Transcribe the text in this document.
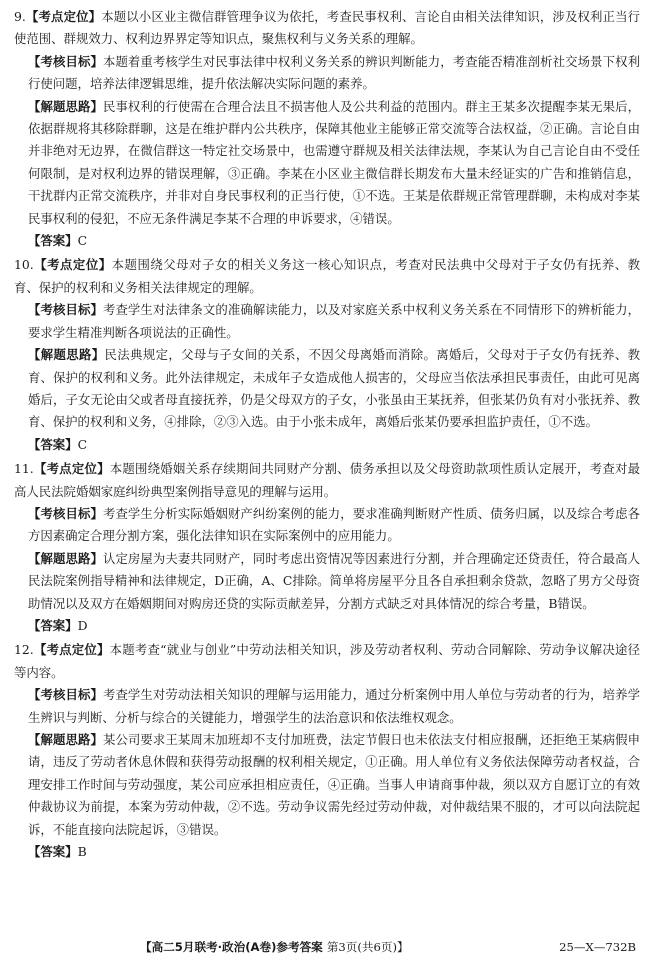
9.【考点定位】本题以小区业主微信群管理争议为依托，考查民事权利、言论自由相关法律知识，涉及权利正当行使范围、群规效力、权利边界界定等知识点，聚焦权利与义务关系的理解。

【考核目标】本题着重考核学生对民事法律中权利义务关系的辨识判断能力，考查能否精准剖析社交场景下权利行使问题，培养法律逻辑思维，提升依法解决实际问题的素养。

【解题思路】民事权利的行使需在合理合法且不损害他人及公共利益的范围内。群主王某多次提醒李某无果后，依据群规将其移除群聊，这是在维护群内公共秩序，保障其他业主能够正常交流等合法权益，②正确。言论自由并非绝对无边界，在微信群这一特定社交场景中，也需遵守群规及相关法律法规，李某认为自己言论自由不受任何限制，是对权利边界的错误理解，③正确。李某在小区业主微信群长期发布大量未经证实的广告和推销信息，干扰群内正常交流秩序，并非对自身民事权利的正当行使，①不选。王某是依群规正常管理群聊，未构成对李某民事权利的侵犯，不应无条件满足李某不合理的申诉要求，④错误。

【答案】C

10.【考点定位】本题围绕父母对子女的相关义务这一核心知识点，考查对民法典中父母对于子女仍有抚养、教育、保护的权利和义务相关法律规定的理解。

【考核目标】考查学生对法律条文的准确解读能力，以及对家庭关系中权利义务关系在不同情形下的辨析能力，要求学生精准判断各项说法的正确性。

【解题思路】民法典规定，父母与子女间的关系，不因父母离婚而消除。离婚后，父母对于子女仍有抚养、教育、保护的权利和义务。此外法律规定，未成年子女造成他人损害的，父母应当依法承担民事责任，由此可见离婚后，子女无论由父或者母直接抚养，仍是父母双方的子女，小张虽由王某抚养，但张某仍负有对小张抚养、教育、保护的权利和义务，④排除，②③入选。由于小张未成年，离婚后张某仍要承担监护责任，①不选。

【答案】C

11.【考点定位】本题围绕婚姻关系存续期间共同财产分割、债务承担以及父母资助款项性质认定展开，考查对最高人民法院婚姻家庭纠纷典型案例指导意见的理解与运用。

【考核目标】考查学生分析实际婚姻财产纠纷案例的能力，要求准确判断财产性质、债务归属，以及综合考虑各方因素确定合理分割方案，强化法律知识在实际案例中的应用能力。

【解题思路】认定房屋为夫妻共同财产，同时考虑出资情况等因素进行分割，并合理确定还贷责任，符合最高人民法院案例指导精神和法律规定，D正确，A、C排除。简单将房屋平分且各自承担剩余贷款，忽略了男方父母资助情况以及双方在婚姻期间对购房还贷的实际贡献差异，分割方式缺乏对具体情况的综合考量，B错误。

【答案】D

12.【考点定位】本题考查“就业与创业”中劳动法相关知识，涉及劳动者权利、劳动合同解除、劳动争议解决途径等内容。

【考核目标】考查学生对劳动法相关知识的理解与运用能力，通过分析案例中用人单位与劳动者的行为，培养学生辨识与判断、分析与综合的关键能力，增强学生的法治意识和依法维权观念。

【解题思路】某公司要求王某周末加班却不支付加班费，法定节假日也未依法支付相应报酬，还拒绝王某病假申请，违反了劳动者休息休假和获得劳动报酬的权利相关规定，①正确。用人单位有义务依法保障劳动者权益，合理安排工作时间与劳动强度，某公司应承担相应责任，④正确。当事人申请商事仲裁，须以双方自愿订立的有效仲裁协议为前提，本案为劳动仲裁，②不选。劳动争议需先经过劳动仲裁，对仲裁结果不服的，才可以向法院起诉，不能直接向法院起诉，③错误。

【答案】B

【高二5月联考·政治(A卷)参考答案 第3页(共6页)】	25—X—732B
